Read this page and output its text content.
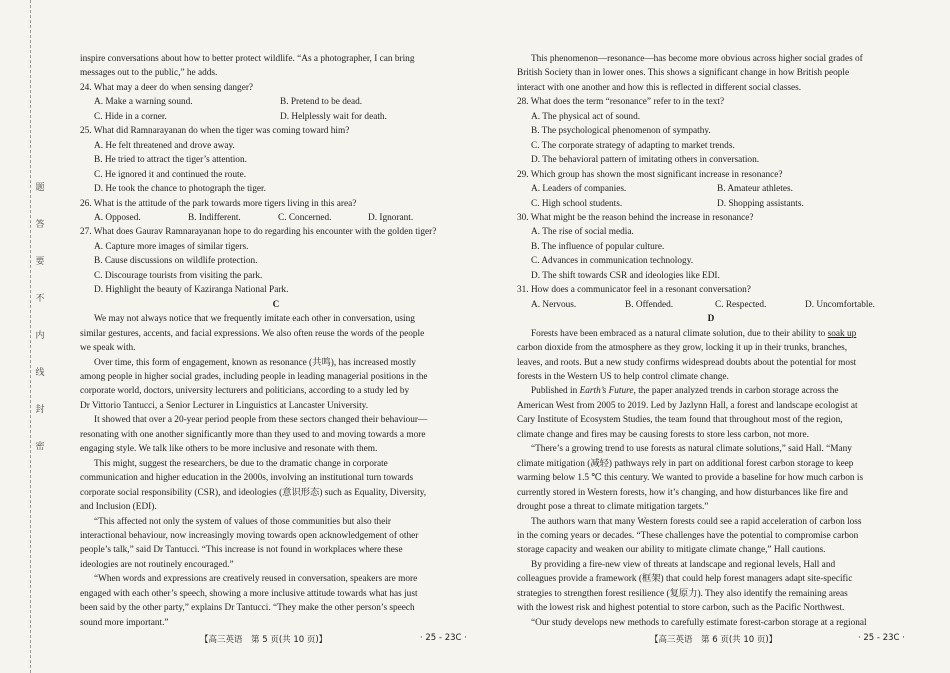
题
答
要
不
内
线
封
密
inspire conversations about how to better protect wildlife. “As a photographer, I can bring
messages out to the public,” he adds.
24. What may a deer do when sensing danger?
A. Make a warning sound.	B. Pretend to be dead.
C. Hide in a corner.	D. Helplessly wait for death.
25. What did Ramnarayanan do when the tiger was coming toward him?
A. He felt threatened and drove away.
B. He tried to attract the tiger’s attention.
C. He ignored it and continued the route.
D. He took the chance to photograph the tiger.
26. What is the attitude of the park towards more tigers living in this area?
A. Opposed.	B. Indifferent.	C. Concerned.	D. Ignorant.
27. What does Gaurav Ramnarayanan hope to do regarding his encounter with the golden tiger?
A. Capture more images of similar tigers.
B. Cause discussions on wildlife protection.
C. Discourage tourists from visiting the park.
D. Highlight the beauty of Kaziranga National Park.
C
We may not always notice that we frequently imitate each other in conversation, using
similar gestures, accents, and facial expressions. We also often reuse the words of the people
we speak with.
Over time, this form of engagement, known as resonance (共鸣), has increased mostly
among people in higher social grades, including people in leading managerial positions in the
corporate world, doctors, university lecturers and politicians, according to a study led by
Dr Vittorio Tantucci, a Senior Lecturer in Linguistics at Lancaster University.
It showed that over a 20-year period people from these sectors changed their behaviour—
resonating with one another significantly more than they used to and moving towards a more
engaging style. We talk like others to be more inclusive and resonate with them.
This might, suggest the researchers, be due to the dramatic change in corporate
communication and higher education in the 2000s, involving an institutional turn towards
corporate social responsibility (CSR), and ideologies (意识形态) such as Equality, Diversity,
and Inclusion (EDI).
“This affected not only the system of values of those communities but also their
interactional behaviour, now increasingly moving towards open acknowledgement of other
people’s talk,” said Dr Tantucci. “This increase is not found in workplaces where these
ideologies are not routinely encouraged.”
“When words and expressions are creatively reused in conversation, speakers are more
engaged with each other’s speech, showing a more inclusive attitude towards what has just
been said by the other party,” explains Dr Tantucci. “They make the other person’s speech
sound more important.”
This phenomenon—resonance—has become more obvious across higher social grades of
British Society than in lower ones. This shows a significant change in how British people
interact with one another and how this is reflected in different social classes.
28. What does the term “resonance” refer to in the text?
A. The physical act of sound.
B. The psychological phenomenon of sympathy.
C. The corporate strategy of adapting to market trends.
D. The behavioral pattern of imitating others in conversation.
29. Which group has shown the most significant increase in resonance?
A. Leaders of companies.	B. Amateur athletes.
C. High school students.	D. Shopping assistants.
30. What might be the reason behind the increase in resonance?
A. The rise of social media.
B. The influence of popular culture.
C. Advances in communication technology.
D. The shift towards CSR and ideologies like EDI.
31. How does a communicator feel in a resonant conversation?
A. Nervous.	B. Offended.	C. Respected.	D. Uncomfortable.
D
Forests have been embraced as a natural climate solution, due to their ability to soak up
carbon dioxide from the atmosphere as they grow, locking it up in their trunks, branches,
leaves, and roots. But a new study confirms widespread doubts about the potential for most
forests in the Western US to help control climate change.
Published in Earth’s Future, the paper analyzed trends in carbon storage across the
American West from 2005 to 2019. Led by Jazlynn Hall, a forest and landscape ecologist at
Cary Institute of Ecosystem Studies, the team found that throughout most of the region,
climate change and fires may be causing forests to store less carbon, not more.
“There’s a growing trend to use forests as natural climate solutions,” said Hall. “Many
climate mitigation (减轻) pathways rely in part on additional forest carbon storage to keep
warming below 1.5 ℃ this century. We wanted to provide a baseline for how much carbon is
currently stored in Western forests, how it’s changing, and how disturbances like fire and
drought pose a threat to climate mitigation targets.”
The authors warn that many Western forests could see a rapid acceleration of carbon loss
in the coming years or decades. “These challenges have the potential to compromise carbon
storage capacity and weaken our ability to mitigate climate change,” Hall cautions.
By providing a fire-new view of threats at landscape and regional levels, Hall and
colleagues provide a framework (框架) that could help forest managers adapt site-specific
strategies to strengthen forest resilience (复原力). They also identify the remaining areas
with the lowest risk and highest potential to store carbon, such as the Pacific Northwest.
“Our study develops new methods to carefully estimate forest-carbon storage at a regional
【高三英语　第 5 页(共 10 页)】	· 25 - 23C ·	【高三英语　第 6 页(共 10 页)】	· 25 - 23C ·
